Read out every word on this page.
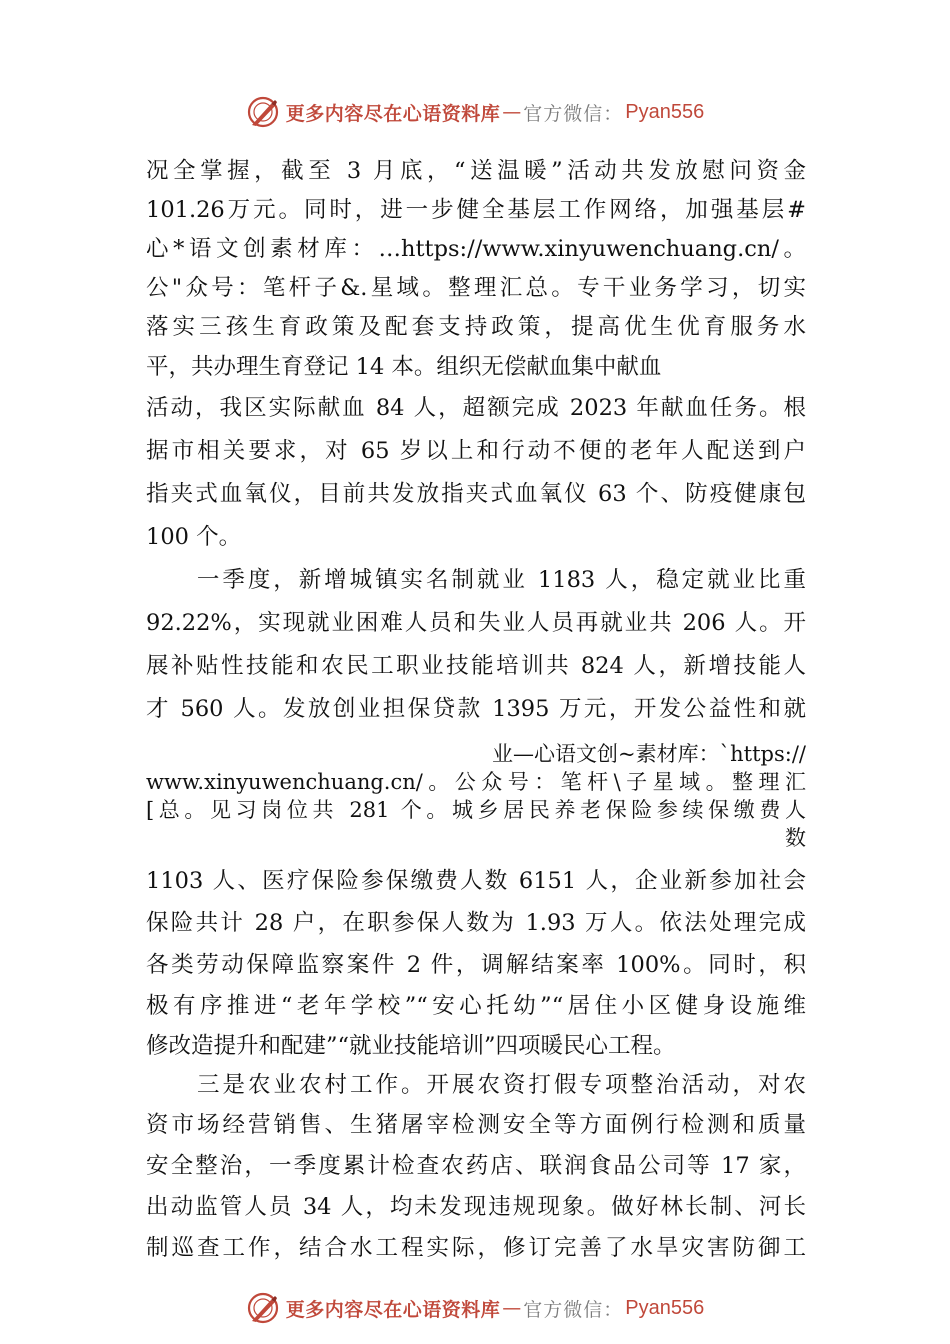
更多内容尽在心语资料库 — 官方微信： Pyan556
况全掌握，截至 3 月底，“送温暖”活动共发放慰问资金
101.26万元。同时，进一步健全基层工作网络，加强基层#
心*语文创素材库：…https://www.xinyuwenchuang.cn/。
公"众号：笔杆子&.星域。整理汇总。专干业务学习，切实
落实三孩生育政策及配套支持政策，提高优生优育服务水
平，共办理生育登记 14 本。组织无偿献血集中献血
活动，我区实际献血 84 人，超额完成 2023 年献血任务。根
据市相关要求，对 65 岁以上和行动不便的老年人配送到户
指夹式血氧仪，目前共发放指夹式血氧仪 63 个、防疫健康包
100 个。
　　一季度，新增城镇实名制就业 1183 人，稳定就业比重
92.22%，实现就业困难人员和失业人员再就业共 206 人。开
展补贴性技能和农民工职业技能培训共 824 人，新增技能人
才 560 人。发放创业担保贷款 1395 万元，开发公益性和就
业—心语文创~素材库：`https://
www.xinyuwenchuang.cn/。公众号：笔杆\子星域。整理汇
[总。见习岗位共 281 个。城乡居民养老保险参续保缴费人
数
1103 人、医疗保险参保缴费人数 6151 人，企业新参加社会
保险共计 28 户，在职参保人数为 1.93 万人。依法处理完成
各类劳动保障监察案件 2 件，调解结案率 100%。同时，积
极有序推进“老年学校”“安心托幼”“居住小区健身设施维
修改造提升和配建”“就业技能培训”四项暖民心工程。
　　三是农业农村工作。开展农资打假专项整治活动，对农
资市场经营销售、生猪屠宰检测安全等方面例行检测和质量
安全整治，一季度累计检查农药店、联润食品公司等 17 家，
出动监管人员 34 人，均未发现违规现象。做好林长制、河长
制巡查工作，结合水工程实际，修订完善了水旱灾害防御工
更多内容尽在心语资料库 — 官方微信： Pyan556
